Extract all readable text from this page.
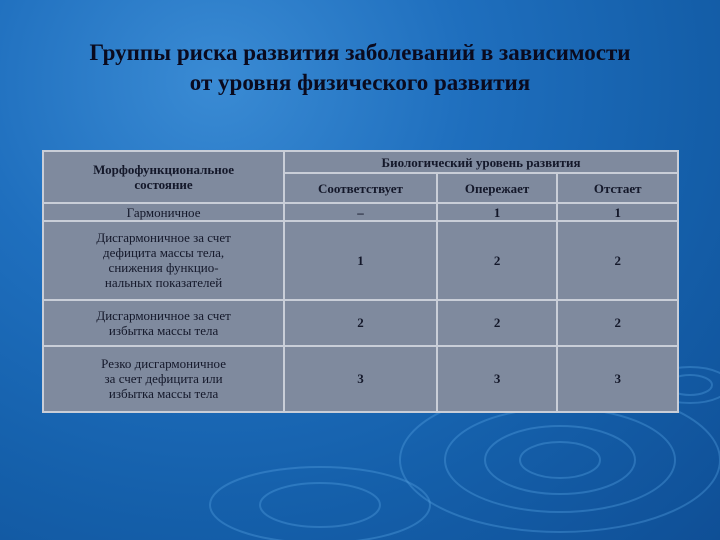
Группы риска развития заболеваний в зависимости
от уровня физического развития
Морфофункциональное
состояние	Биологический уровень развития		
	Соответствует	Опережает	Отстает

Гармоничное	–	1	1

Дисгармоничное за счет
дефицита массы тела,
снижения функцио-
нальных показателей	1	2	2

Дисгармоничное за счет
избытка массы тела	2	2	2

Резко дисгармоничное
за счет дефицита или
избытка массы тела	3	3	3
